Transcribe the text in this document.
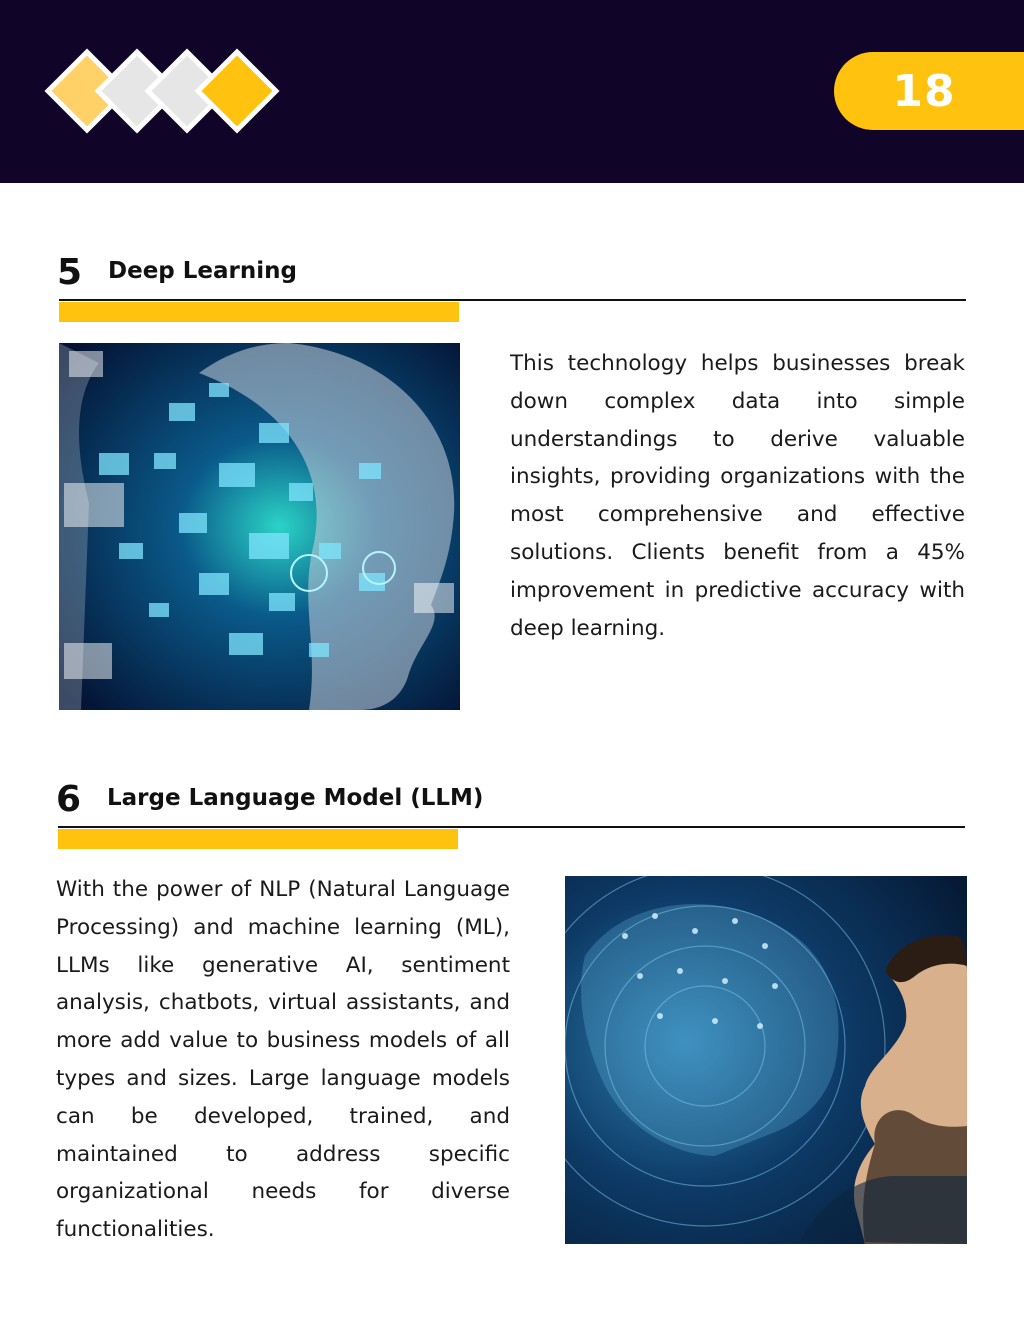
18
5 Deep Learning

This technology helps businesses break down complex data into simple understandings to derive valuable insights, providing organizations with the most comprehensive and effective solutions. Clients benefit from a 45% improvement in predictive accuracy with deep learning.

6 Large Language Model (LLM)

With the power of NLP (Natural Language Processing) and machine learning (ML), LLMs like generative AI, sentiment analysis, chatbots, virtual assistants, and more add value to business models of all types and sizes. Large language models can be developed, trained, and maintained to address specific organizational needs for diverse functionalities.
